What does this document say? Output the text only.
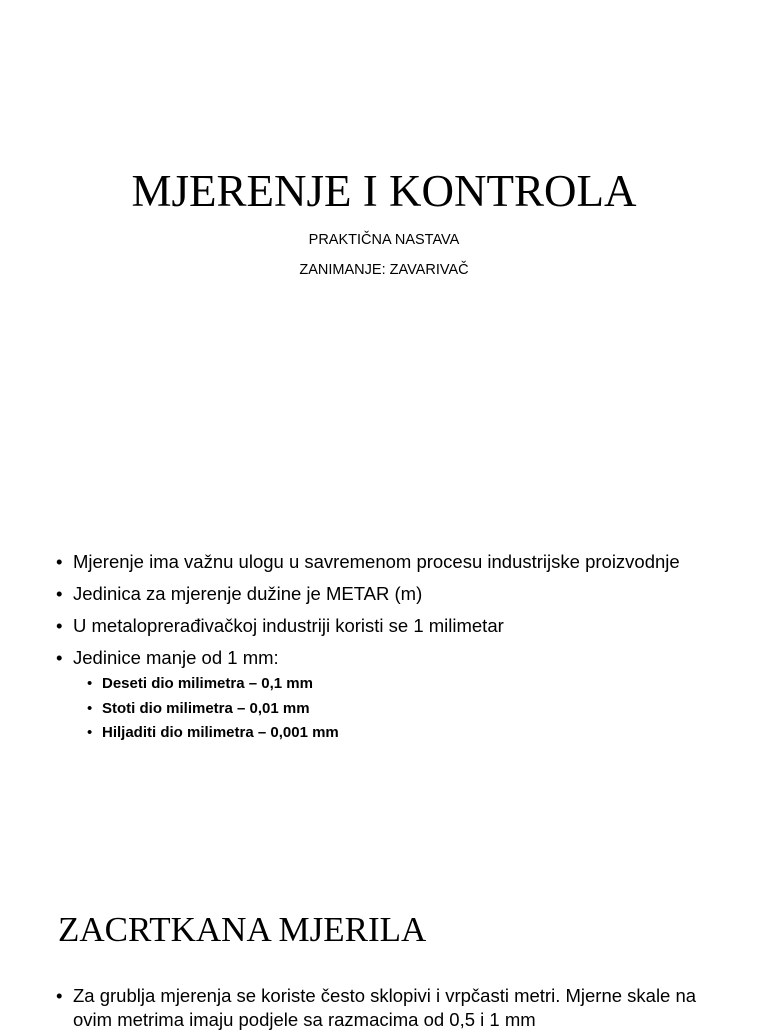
MJERENJE I KONTROLA

PRAKTIČNA NASTAVA

ZANIMANJE: ZAVARIVAČ

• Mjerenje ima važnu ulogu u savremenom procesu industrijske proizvodnje
• Jedinica za mjerenje dužine je METAR (m)
• U metaloprerađivačkoj industriji koristi se 1 milimetar
• Jedinice manje od 1 mm:
• Deseti dio milimetra – 0,1 mm
• Stoti dio milimetra – 0,01 mm
• Hiljaditi dio milimetra – 0,001 mm
ZACRTKANA MJERILA
• Za grublja mjerenja se koriste često sklopivi i vrpčasti metri. Mjerne skale na ovim metrima imaju podjele sa razmacima od 0,5 i 1 mm
